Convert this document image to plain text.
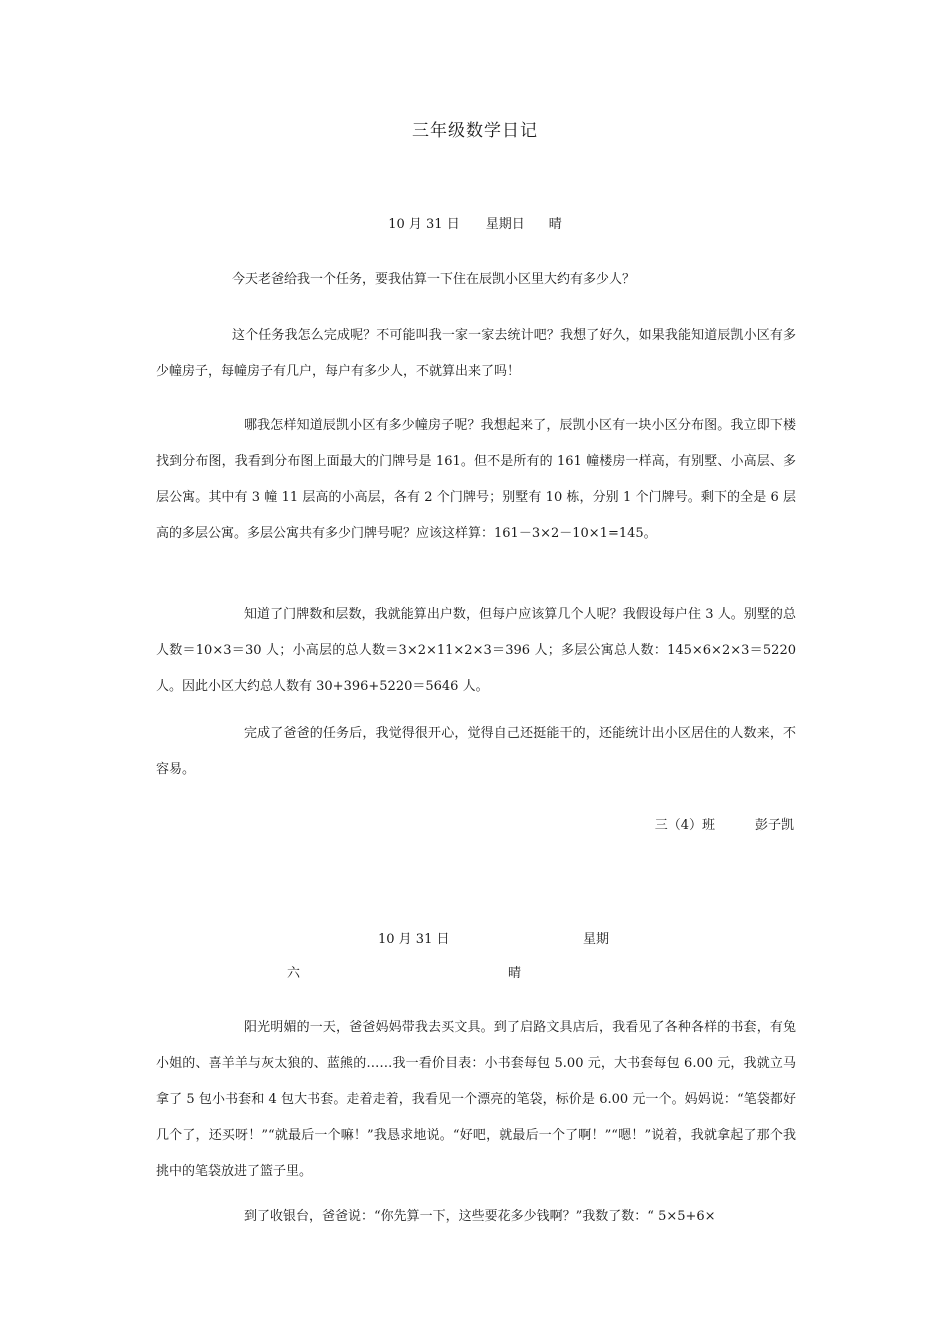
三年级数学日记
10 月 31 日 星期日 晴

今天老爸给我一个任务，要我估算一下住在辰凯小区里大约有多少人？

这个任务我怎么完成呢？不可能叫我一家一家去统计吧？我想了好久，如果我能知道辰凯小区有多少幢房子，每幢房子有几户，每户有多少人，不就算出来了吗！

哪我怎样知道辰凯小区有多少幢房子呢？我想起来了，辰凯小区有一块小区分布图。我立即下楼找到分布图，我看到分布图上面最大的门牌号是 161。但不是所有的 161 幢楼房一样高，有别墅、小高层、多层公寓。其中有 3 幢 11 层高的小高层，各有 2 个门牌号；别墅有 10 栋，分别 1 个门牌号。剩下的全是 6 层高的多层公寓。多层公寓共有多少门牌号呢？应该这样算：161－3×2－10×1=145。

知道了门牌数和层数，我就能算出户数，但每户应该算几个人呢？我假设每户住 3 人。别墅的总人数＝10×3＝30 人；小高层的总人数＝3×2×11×2×3＝396 人；多层公寓总人数：145×6×2×3＝5220 人。因此小区大约总人数有 30+396+5220＝5646 人。

完成了爸爸的任务后，我觉得很开心，觉得自己还挺能干的，还能统计出小区居住的人数来，不容易。

三（4）班	彭子凯
10 月 31 日	星期
六	晴

阳光明媚的一天，爸爸妈妈带我去买文具。到了启路文具店后，我看见了各种各样的书套，有兔小姐的、喜羊羊与灰太狼的、蓝熊的……我一看价目表：小书套每包 5.00 元，大书套每包 6.00 元，我就立马拿了 5 包小书套和 4 包大书套。走着走着，我看见一个漂亮的笔袋，标价是 6.00 元一个。妈妈说：“笔袋都好几个了，还买呀！”“就最后一个嘛！”我恳求地说。“好吧，就最后一个了啊！”“嗯！”说着，我就拿起了那个我挑中的笔袋放进了篮子里。

到了收银台，爸爸说：“你先算一下，这些要花多少钱啊？”我数了数：“ 5×5+6×
